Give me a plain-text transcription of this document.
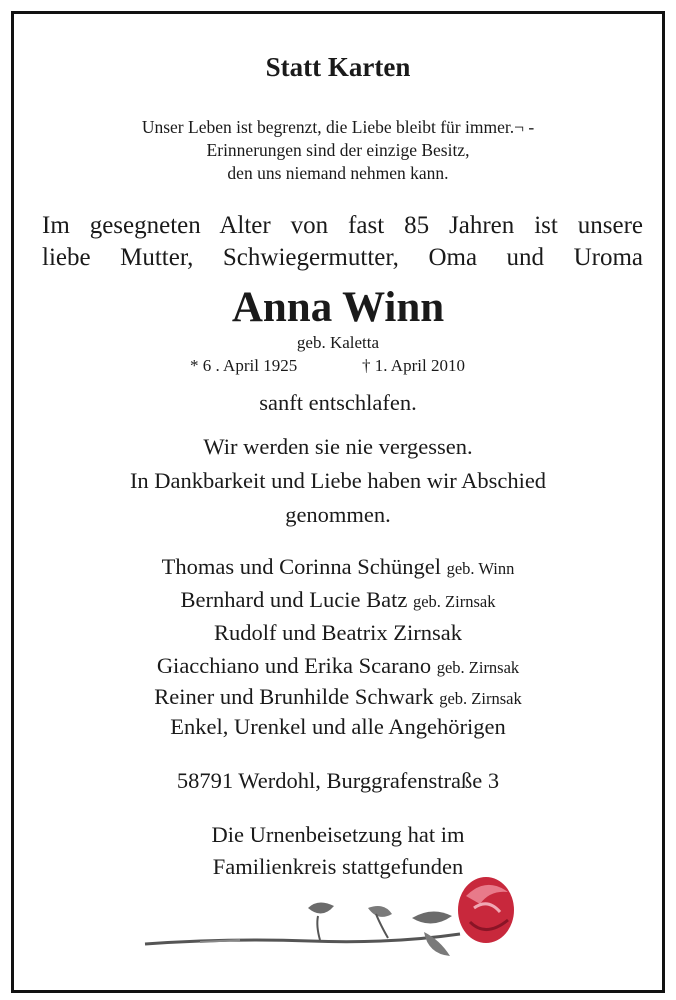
Statt Karten
Unser Leben ist begrenzt, die Liebe bleibt für immer.¬ -
Erinnerungen sind der einzige Besitz,
den uns niemand nehmen kann.
Im gesegneten Alter von fast 85 Jahren ist unsere
liebe Mutter, Schwiegermutter, Oma und Uroma
Anna Winn
geb. Kaletta
* 6 . April 1925	† 1. April 2010
sanft entschlafen.
Wir werden sie nie vergessen.
In Dankbarkeit und Liebe haben wir Abschied
genommen.
Thomas und Corinna Schüngel geb. Winn
Bernhard und Lucie Batz geb. Zirnsak
Rudolf und Beatrix Zirnsak
Giacchiano und Erika Scarano geb. Zirnsak
Reiner und Brunhilde Schwark geb. Zirnsak
Enkel, Urenkel und alle Angehörigen
58791 Werdohl, Burggrafenstraße 3
Die Urnenbeisetzung hat im
Familienkreis stattgefunden
